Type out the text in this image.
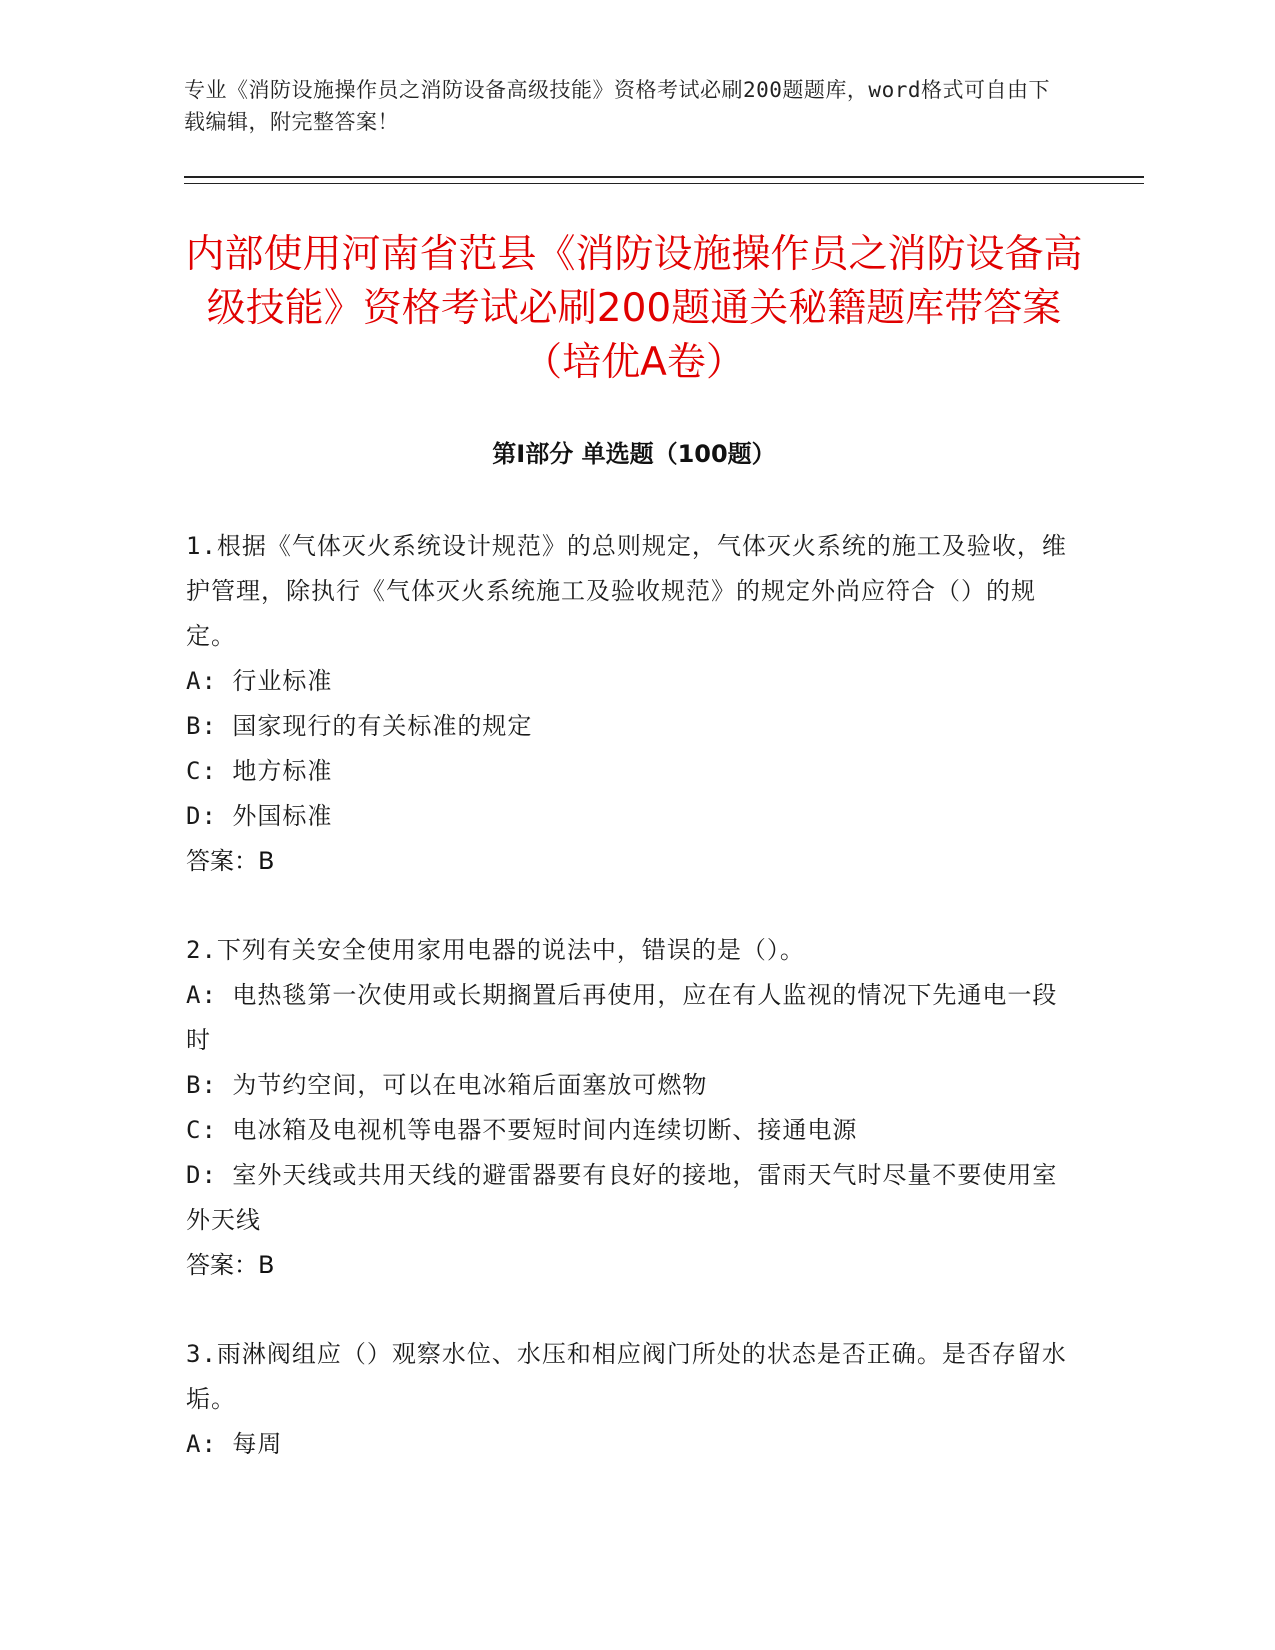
专业《消防设施操作员之消防设备高级技能》资格考试必刷200题题库，word格式可自由下载编辑，附完整答案！
内部使用河南省范县《消防设施操作员之消防设备高级技能》资格考试必刷200题通关秘籍题库带答案（培优A卷）
第Ⅰ部分 单选题（100题）

1.根据《气体灭火系统设计规范》的总则规定，气体灭火系统的施工及验收，维护管理，除执行《气体灭火系统施工及验收规范》的规定外尚应符合（）的规定。

A: 行业标准

B: 国家现行的有关标准的规定

C: 地方标准

D: 外国标准

答案：B

2.下列有关安全使用家用电器的说法中，错误的是（）。

A: 电热毯第一次使用或长期搁置后再使用，应在有人监视的情况下先通电一段时

B: 为节约空间，可以在电冰箱后面塞放可燃物

C: 电冰箱及电视机等电器不要短时间内连续切断、接通电源

D: 室外天线或共用天线的避雷器要有良好的接地，雷雨天气时尽量不要使用室外天线

答案：B

3.雨淋阀组应（）观察水位、水压和相应阀门所处的状态是否正确。是否存留水垢。

A: 每周
